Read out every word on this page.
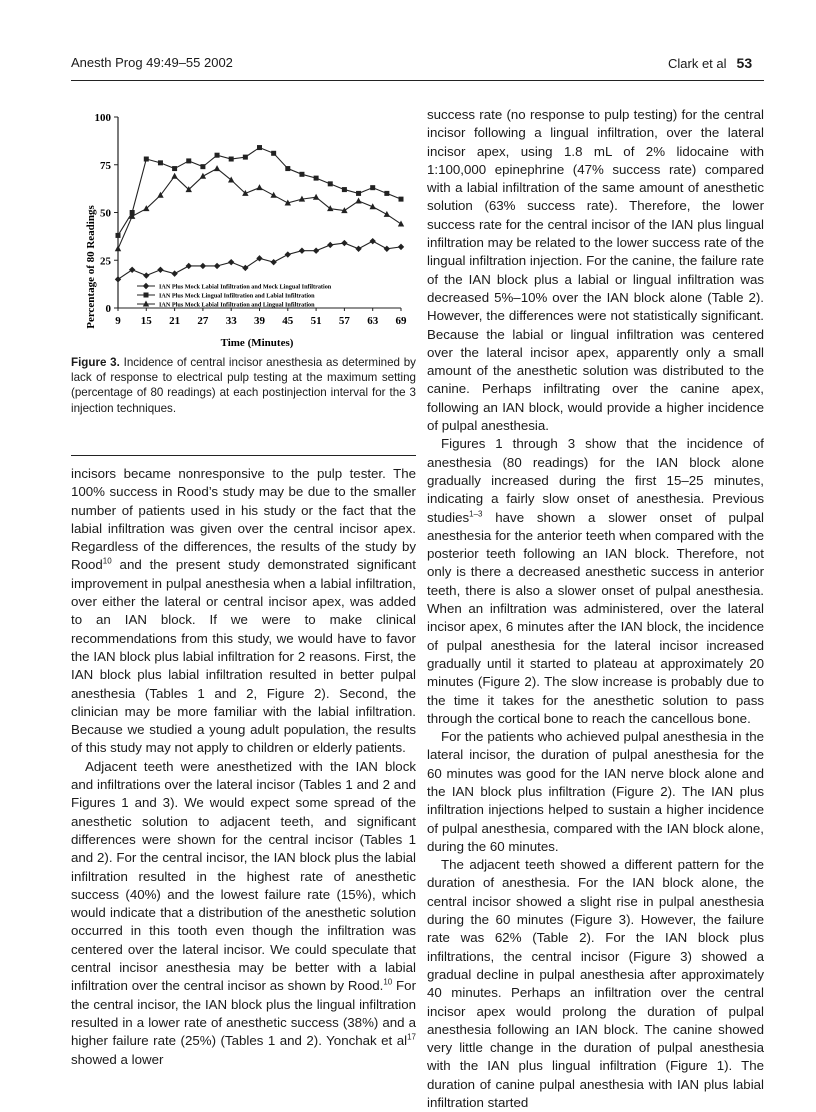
Anesth Prog 49:49–55 2002	Clark et al 53
0
25
50
75
100
9 15 21 27 33 39 45 51 57 63 69
IAN Plus Mock Labial Infiltration and Mock Lingual Infiltration
IAN Plus Mock Lingual Infiltration and Labial Infiltration
IAN Plus Mock Labial Infiltration and Lingual Infiltration
Percentage of 80 Readings
Time (Minutes)
Figure 3. Incidence of central incisor anesthesia as determined by lack of response to electrical pulp testing at the maximum setting (percentage of 80 readings) at each postinjection interval for the 3 injection techniques.

incisors became nonresponsive to the pulp tester. The 100% success in Rood’s study may be due to the smaller number of patients used in his study or the fact that the labial infiltration was given over the central incisor apex. Regardless of the differences, the results of the study by Rood$^{10}$ and the present study demonstrated significant improvement in pulpal anesthesia when a labial infiltration, over either the lateral or central incisor apex, was added to an IAN block. If we were to make clinical recommendations from this study, we would have to favor the IAN block plus labial infiltration for 2 reasons. First, the IAN block plus labial infiltration resulted in better pulpal anesthesia (Tables 1 and 2, Figure 2). Second, the clinician may be more familiar with the labial infiltration. Because we studied a young adult population, the results of this study may not apply to children or elderly patients.

Adjacent teeth were anesthetized with the IAN block and infiltrations over the lateral incisor (Tables 1 and 2 and Figures 1 and 3). We would expect some spread of the anesthetic solution to adjacent teeth, and significant differences were shown for the central incisor (Tables 1 and 2). For the central incisor, the IAN block plus the labial infiltration resulted in the highest rate of anesthetic success (40%) and the lowest failure rate (15%), which would indicate that a distribution of the anesthetic solution occurred in this tooth even though the infiltration was centered over the lateral incisor. We could speculate that central incisor anesthesia may be better with a labial infiltration over the central incisor as shown by Rood.$^{10}$ For the central incisor, the IAN block plus the lingual infiltration resulted in a lower rate of anesthetic success (38%) and a higher failure rate (25%) (Tables 1 and 2). Yonchak et $al^{17}$ showed a lower

success rate (no response to pulp testing) for the central incisor following a lingual infiltration, over the lateral incisor apex, using 1.8 mL of 2% lidocaine with 1:100,000 epinephrine (47% success rate) compared with a labial infiltration of the same amount of anesthetic solution (63% success rate). Therefore, the lower success rate for the central incisor of the IAN plus lingual infiltration may be related to the lower success rate of the lingual infiltration injection. For the canine, the failure rate of the IAN block plus a labial or lingual infiltration was decreased 5%–10% over the IAN block alone (Table 2). However, the differences were not statistically significant. Because the labial or lingual infiltration was centered over the lateral incisor apex, apparently only a small amount of the anesthetic solution was distributed to the canine. Perhaps infiltrating over the canine apex, following an IAN block, would provide a higher incidence of pulpal anesthesia.

Figures 1 through 3 show that the incidence of anesthesia (80 readings) for the IAN block alone gradually increased during the first 15–25 minutes, indicating a fairly slow onset of anesthesia. Previous studies$^{1-3}$ have shown a slower onset of pulpal anesthesia for the anterior teeth when compared with the posterior teeth following an IAN block. Therefore, not only is there a decreased anesthetic success in anterior teeth, there is also a slower onset of pulpal anesthesia. When an infiltration was administered, over the lateral incisor apex, 6 minutes after the IAN block, the incidence of pulpal anesthesia for the lateral incisor increased gradually until it started to plateau at approximately 20 minutes (Figure 2). The slow increase is probably due to the time it takes for the anesthetic solution to pass through the cortical bone to reach the cancellous bone.

For the patients who achieved pulpal anesthesia in the lateral incisor, the duration of pulpal anesthesia for the 60 minutes was good for the IAN nerve block alone and the IAN block plus infiltration (Figure 2). The IAN plus infiltration injections helped to sustain a higher incidence of pulpal anesthesia, compared with the IAN block alone, during the 60 minutes.

The adjacent teeth showed a different pattern for the duration of anesthesia. For the IAN block alone, the central incisor showed a slight rise in pulpal anesthesia during the 60 minutes (Figure 3). However, the failure rate was 62% (Table 2). For the IAN block plus infiltrations, the central incisor (Figure 3) showed a gradual decline in pulpal anesthesia after approximately 40 minutes. Perhaps an infiltration over the central incisor apex would prolong the duration of pulpal anesthesia following an IAN block. The canine showed very little change in the duration of pulpal anesthesia with the IAN plus lingual infiltration (Figure 1). The duration of canine pulpal anesthesia with IAN plus labial infiltration started
